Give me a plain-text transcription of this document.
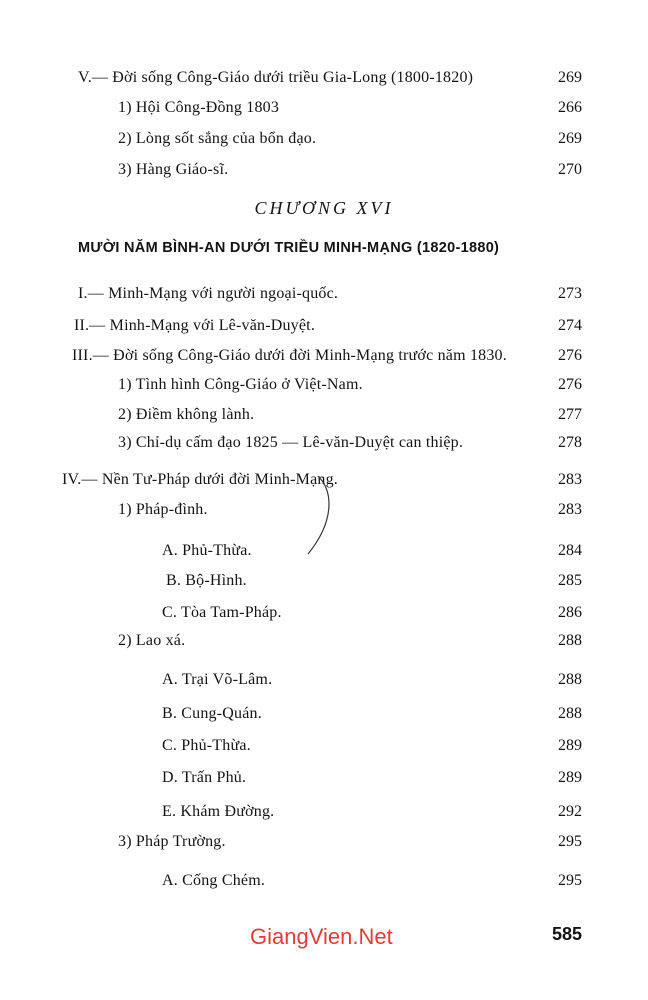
V.— Đời sống Công-Giáo dưới triều Gia-Long (1800-1820)	269
1) Hội Công-Đồng 1803	266
2) Lòng sốt sắng của bổn đạo.	269
3) Hàng Giáo-sĩ.	270
CHƯƠNG XVI
MƯỜI NĂM BÌNH-AN DƯỚI TRIỀU MINH-MẠNG (1820-1880)
I.— Minh-Mạng với người ngoại-quốc.	273
II.— Minh-Mạng với Lê-văn-Duyệt.	274
III.— Đời sống Công-Giáo dưới đời Minh-Mạng trước năm 1830.	276
1) Tình hình Công-Giáo ở Việt-Nam.	276
2) Điềm không lành.	277
3) Chỉ-dụ cấm đạo 1825 — Lê-văn-Duyệt can thiệp.	278
IV.— Nền Tư-Pháp dưới đời Minh-Mạng.	283
1) Pháp-đình.	283
A. Phủ-Thừa.	284
B. Bộ-Hình.	285
C. Tòa Tam-Pháp.	286
2) Lao xá.	288
A. Trại Võ-Lâm.	288
B. Cung-Quán.	288
C. Phủ-Thừa.	289
D. Trấn Phủ.	289
E. Khám Đường.	292
3) Pháp Trường.	295
A. Cống Chém.	295
GiangVien.Net	585
